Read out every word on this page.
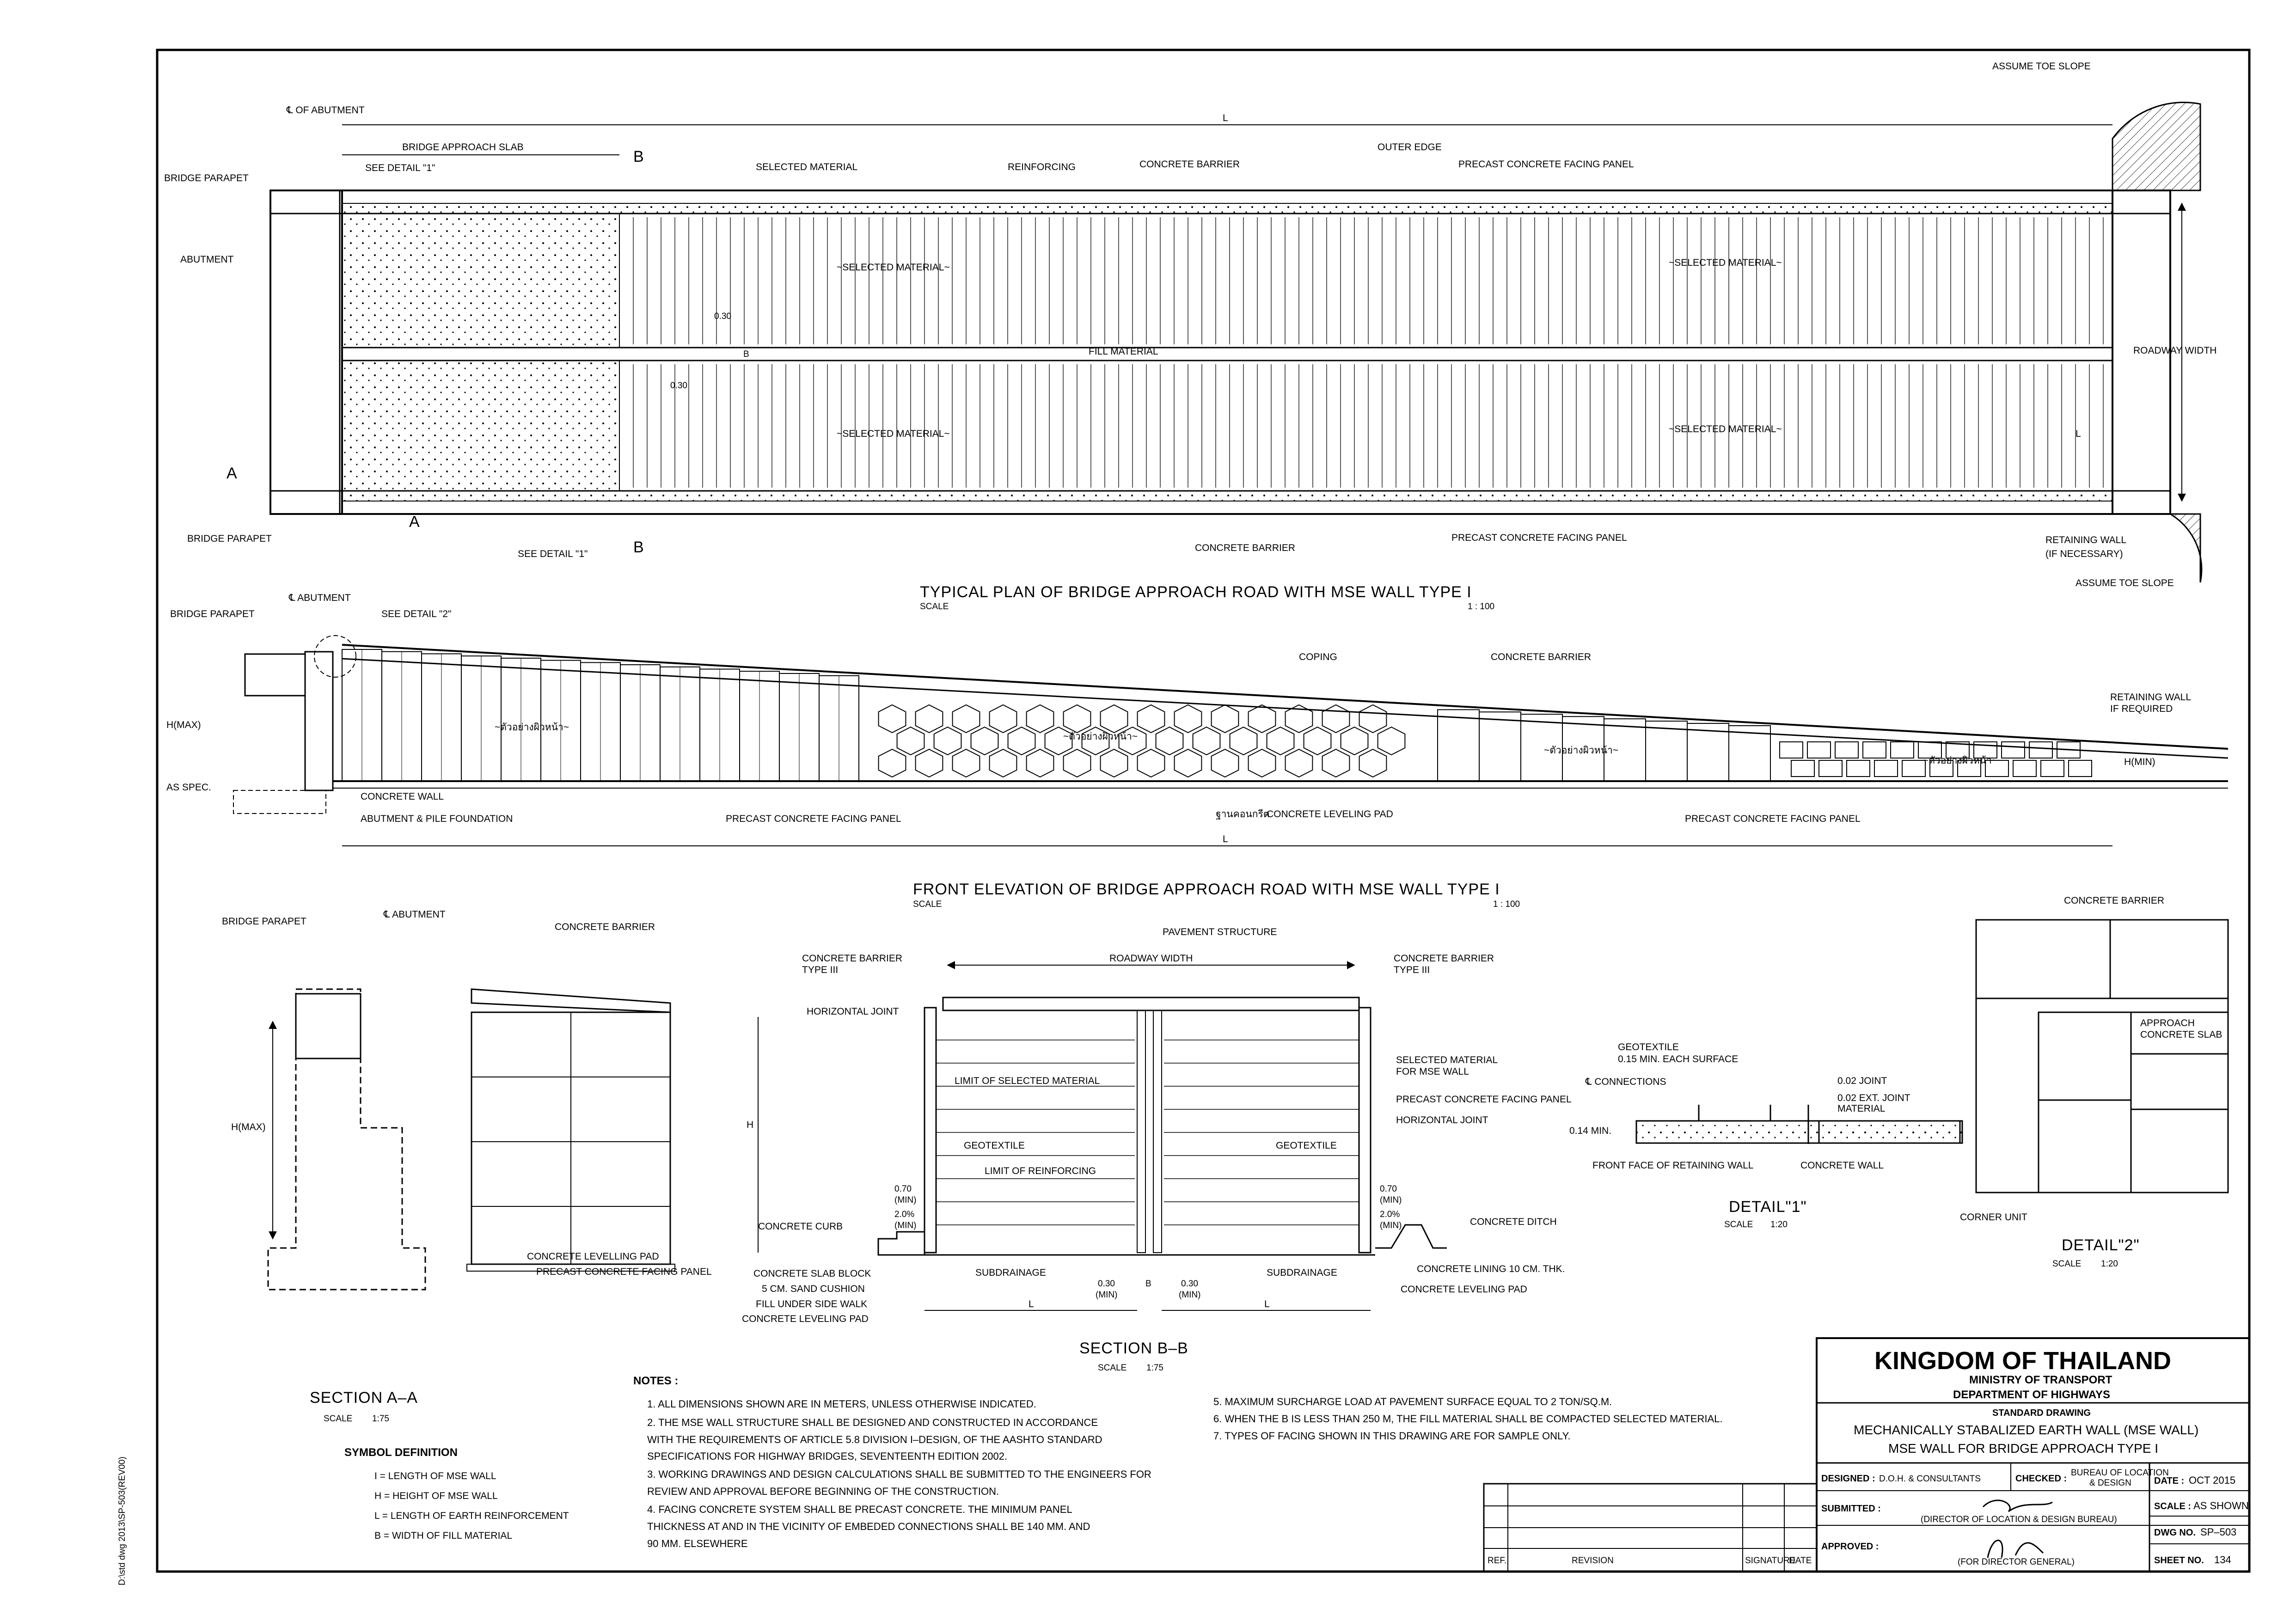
D:\std dwg 2013\SP-503(REV00)
ASSUME TOE SLOPE
℄ OF ABUTMENT
BRIDGE APPROACH SLAB
SEE DETAIL "1"
BRIDGE PARAPET
ABUTMENT
B
SELECTED MATERIAL	REINFORCING	CONCRETE BARRIER
OUTER EDGE
PRECAST CONCRETE FACING PANEL
~SELECTED MATERIAL~	~SELECTED MATERIAL~
~SELECTED MATERIAL~	~SELECTED MATERIAL~
FILL MATERIAL
0.30
0.30
B
L
L
ROADWAY WIDTH
A
A
B
BRIDGE PARAPET
SEE DETAIL "1"
CONCRETE BARRIER
PRECAST CONCRETE FACING PANEL	RETAINING WALL
(IF NECESSARY)
ASSUME TOE SLOPE
TYPICAL PLAN OF BRIDGE APPROACH ROAD WITH MSE WALL TYPE I
SCALE	1 : 100
℄ ABUTMENT
BRIDGE PARAPET	SEE DETAIL "2"
COPING	CONCRETE BARRIER
RETAINING WALL
IF REQUIRED
H(MAX)
H(MIN)
AS SPEC.
CONCRETE WALL
ABUTMENT & PILE FOUNDATION	PRECAST CONCRETE FACING PANEL	ฐานคอนกรีต
CONCRETE LEVELING PAD	PRECAST CONCRETE FACING PANEL
~ตัวอย่างผิวหน้า~
~ตัวอย่างผิวหน้า~
~ตัวอย่างผิวหน้า~
~ตัวอย่างผิวหน้า~
L
FRONT ELEVATION OF BRIDGE APPROACH ROAD WITH MSE WALL TYPE I
SCALE	1 : 100
BRIDGE PARAPET
℄ ABUTMENT
CONCRETE BARRIER
H(MAX)
CONCRETE LEVELLING PAD
PRECAST CONCRETE FACING PANEL
SECTION A–A
SCALE 1:75
SYMBOL DEFINITION
I = LENGTH OF MSE WALL
H = HEIGHT OF MSE WALL
L = LENGTH OF EARTH REINFORCEMENT
B = WIDTH OF FILL MATERIAL
PAVEMENT STRUCTURE
CONCRETE BARRIER
TYPE III
CONCRETE BARRIER
TYPE III
ROADWAY WIDTH
HORIZONTAL JOINT
SELECTED MATERIAL
FOR MSE WALL
LIMIT OF SELECTED MATERIAL
PRECAST CONCRETE FACING PANEL
HORIZONTAL JOINT
H
GEOTEXTILE	GEOTEXTILE
LIMIT OF REINFORCING
0.70
(MIN)
2.0%
(MIN)
0.70
(MIN)
2.0%
(MIN)
CONCRETE CURB	CONCRETE DITCH
CONCRETE SLAB BLOCK
5 CM. SAND CUSHION
FILL UNDER SIDE WALK
CONCRETE LEVELING PAD
SUBDRAINAGE	SUBDRAINAGE
0.30
(MIN)
B	0.30
(MIN)
CONCRETE LINING 10 CM. THK.
CONCRETE LEVELING PAD
L	L
SECTION B–B
SCALE 1:75
GEOTEXTILE
0.15 MIN. EACH SURFACE
℄ CONNECTIONS	0.02 JOINT
0.02 EXT. JOINT
MATERIAL
0.14 MIN.
FRONT FACE OF RETAINING WALL	CONCRETE WALL
DETAIL"1"
SCALE 1:20
CONCRETE BARRIER
APPROACH
CONCRETE SLAB
CORNER UNIT
DETAIL"2"
SCALE 1:20
NOTES :
1. ALL DIMENSIONS SHOWN ARE IN METERS, UNLESS OTHERWISE INDICATED.
2. THE MSE WALL STRUCTURE SHALL BE DESIGNED AND CONSTRUCTED IN ACCORDANCE
WITH THE REQUIREMENTS OF ARTICLE 5.8 DIVISION I–DESIGN, OF THE AASHTO STANDARD
SPECIFICATIONS FOR HIGHWAY BRIDGES, SEVENTEENTH EDITION 2002.
3. WORKING DRAWINGS AND DESIGN CALCULATIONS SHALL BE SUBMITTED TO THE ENGINEERS FOR
REVIEW AND APPROVAL BEFORE BEGINNING OF THE CONSTRUCTION.
4. FACING CONCRETE SYSTEM SHALL BE PRECAST CONCRETE. THE MINIMUM PANEL
THICKNESS AT AND IN THE VICINITY OF EMBEDED CONNECTIONS SHALL BE 140 MM. AND
90 MM. ELSEWHERE
5. MAXIMUM SURCHARGE LOAD AT PAVEMENT SURFACE EQUAL TO 2 TON/SQ.M.
6. WHEN THE B IS LESS THAN 250 M, THE FILL MATERIAL SHALL BE COMPACTED SELECTED MATERIAL.
7. TYPES OF FACING SHOWN IN THIS DRAWING ARE FOR SAMPLE ONLY.
REF.	REVISION	SIGNATURE
DATE
KINGDOM OF THAILAND
MINISTRY OF TRANSPORT
DEPARTMENT OF HIGHWAYS
STANDARD DRAWING
MECHANICALLY STABALIZED EARTH WALL (MSE WALL)
MSE WALL FOR BRIDGE APPROACH TYPE I
DESIGNED : D.O.H. & CONSULTANTS	CHECKED :
BUREAU OF LOCATION
& DESIGN
SUBMITTED :
(DIRECTOR OF LOCATION & DESIGN BUREAU)
APPROVED :
(FOR DIRECTOR GENERAL)
DATE : OCT 2015
SCALE : AS SHOWN
DWG NO. SP–503
SHEET NO. 134
